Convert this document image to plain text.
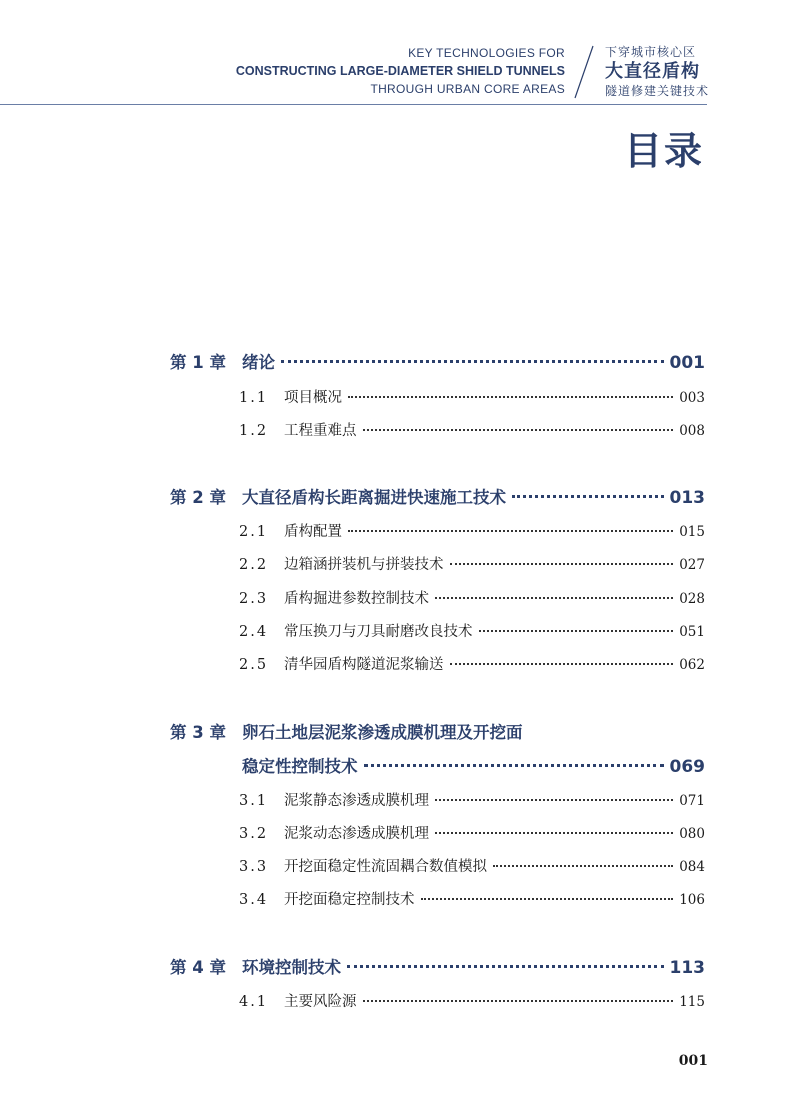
KEY TECHNOLOGIES FOR
CONSTRUCTING LARGE-DIAMETER SHIELD TUNNELS
THROUGH URBAN CORE AREAS
下穿城市核心区
大直径盾构
隧道修建关键技术
目录
第 1 章 绪论	001
1.1	项目概况	003
1.2	工程重难点	008
第 2 章 大直径盾构长距离掘进快速施工技术	013
2.1	盾构配置	015
2.2	边箱涵拼装机与拼装技术	027
2.3	盾构掘进参数控制技术	028
2.4	常压换刀与刀具耐磨改良技术	051
2.5	清华园盾构隧道泥浆输送	062
第 3 章 卵石土地层泥浆渗透成膜机理及开挖面
稳定性控制技术	069
3.1	泥浆静态渗透成膜机理	071
3.2	泥浆动态渗透成膜机理	080
3.3	开挖面稳定性流固耦合数值模拟	084
3.4	开挖面稳定控制技术	106
第 4 章 环境控制技术	113
4.1	主要风险源	115
001
